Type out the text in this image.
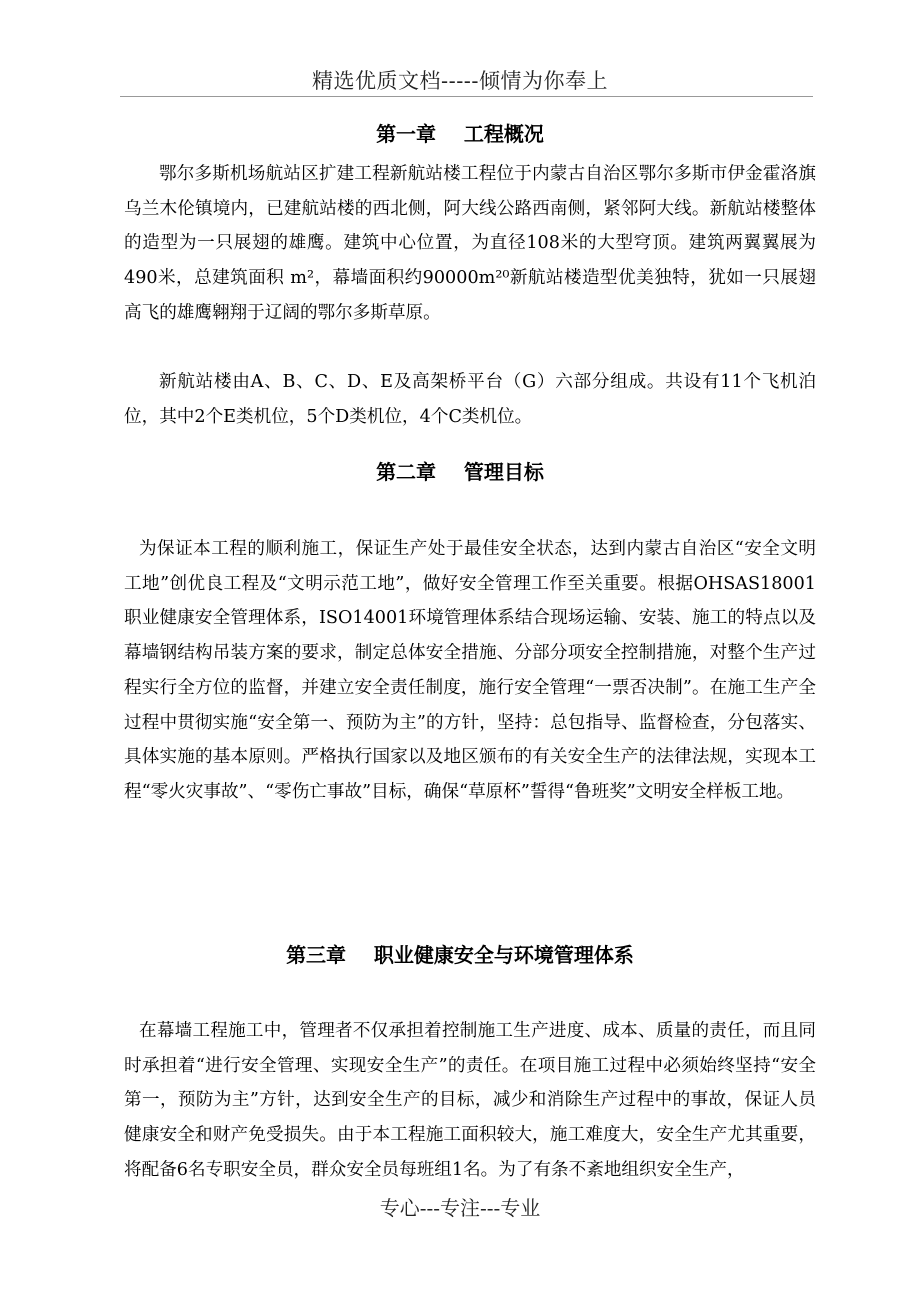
精选优质文档-----倾情为你奉上
第一章    工程概况

鄂尔多斯机场航站区扩建工程新航站楼工程位于内蒙古自治区鄂尔多斯市伊金霍洛旗乌兰木伦镇境内，已建航站楼的西北侧，阿大线公路西南侧，紧邻阿大线。新航站楼整体的造型为一只展翅的雄鹰。建筑中心位置，为直径108米的大型穹顶。建筑两翼翼展为490米，总建筑面积 m²，幕墙面积约90000m²⁰新航站楼造型优美独特，犹如一只展翅高飞的雄鹰翱翔于辽阔的鄂尔多斯草原。

新航站楼由A、B、C、D、E及高架桥平台（G）六部分组成。共设有11个飞机泊位，其中2个E类机位，5个D类机位，4个C类机位。

第二章    管理目标

为保证本工程的顺利施工，保证生产处于最佳安全状态，达到内蒙古自治区“安全文明工地”创优良工程及“文明示范工地”，做好安全管理工作至关重要。根据OHSAS18001职业健康安全管理体系，ISO14001环境管理体系结合现场运输、安装、施工的特点以及幕墙钢结构吊装方案的要求，制定总体安全措施、分部分项安全控制措施，对整个生产过程实行全方位的监督，并建立安全责任制度，施行安全管理“一票否决制”。在施工生产全过程中贯彻实施“安全第一、预防为主”的方针，坚持：总包指导、监督检查，分包落实、具体实施的基本原则。严格执行国家以及地区颁布的有关安全生产的法律法规，实现本工程“零火灾事故”、“零伤亡事故”目标，确保“草原杯”誓得“鲁班奖”文明安全样板工地。

第三章    职业健康安全与环境管理体系

在幕墙工程施工中，管理者不仅承担着控制施工生产进度、成本、质量的责任，而且同时承担着“进行安全管理、实现安全生产”的责任。在项目施工过程中必须始终坚持“安全第一，预防为主”方针，达到安全生产的目标，减少和消除生产过程中的事故，保证人员健康安全和财产免受损失。由于本工程施工面积较大，施工难度大，安全生产尤其重要，将配备6名专职安全员，群众安全员每班组1名。为了有条不紊地组织安全生产，

专心---专注---专业
